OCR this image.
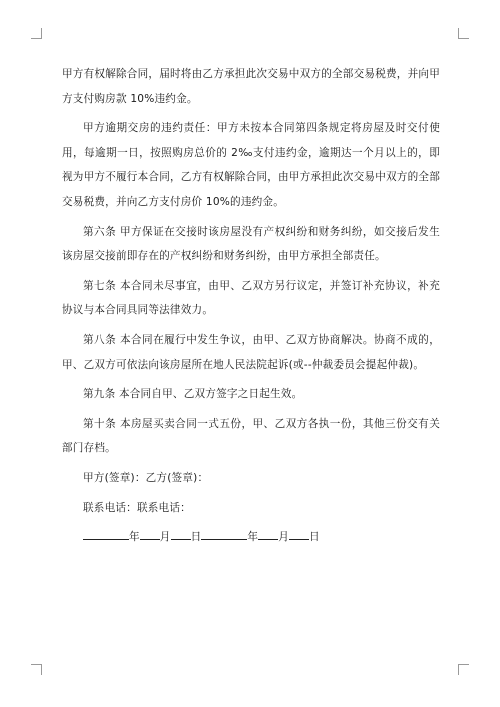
甲方有权解除合同，届时将由乙方承担此次交易中双方的全部交易税费，并向甲方支付购房款 10%违约金。

甲方逾期交房的违约责任：甲方未按本合同第四条规定将房屋及时交付使用，每逾期一日，按照购房总价的 2‰支付违约金，逾期达一个月以上的，即视为甲方不履行本合同，乙方有权解除合同，由甲方承担此次交易中双方的全部交易税费，并向乙方支付房价 10%的违约金。

第六条 甲方保证在交接时该房屋没有产权纠纷和财务纠纷，如交接后发生该房屋交接前即存在的产权纠纷和财务纠纷，由甲方承担全部责任。

第七条 本合同未尽事宜，由甲、乙双方另行议定，并签订补充协议，补充协议与本合同具同等法律效力。

第八条 本合同在履行中发生争议，由甲、乙双方协商解决。协商不成的，甲、乙双方可依法向该房屋所在地人民法院起诉(或--仲裁委员会提起仲裁)。

第九条 本合同自甲、乙双方签字之日起生效。

第十条 本房屋买卖合同一式五份，甲、乙双方各执一份，其他三份交有关部门存档。

甲方(签章)：乙方(签章)：

联系电话：联系电话：

年 月 日	年 月 日
